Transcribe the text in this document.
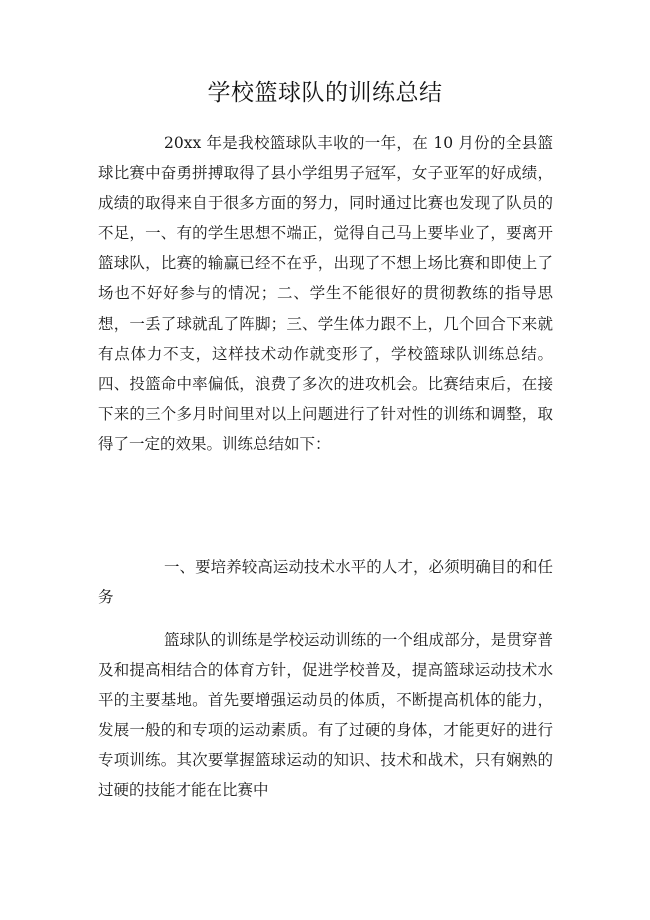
学校篮球队的训练总结
20xx 年是我校篮球队丰收的一年，在 10 月份的全县篮球比赛中奋勇拼搏取得了县小学组男子冠军，女子亚军的好成绩，成绩的取得来自于很多方面的努力，同时通过比赛也发现了队员的不足，一、有的学生思想不端正，觉得自己马上要毕业了，要离开篮球队，比赛的输赢已经不在乎，出现了不想上场比赛和即使上了场也不好好参与的情况；二、学生不能很好的贯彻教练的指导思想，一丢了球就乱了阵脚；三、学生体力跟不上，几个回合下来就有点体力不支，这样技术动作就变形了，学校篮球队训练总结。四、投篮命中率偏低，浪费了多次的进攻机会。比赛结束后，在接下来的三个多月时间里对以上问题进行了针对性的训练和调整，取得了一定的效果。训练总结如下：
一、要培养较高运动技术水平的人才，必须明确目的和任务
篮球队的训练是学校运动训练的一个组成部分，是贯穿普及和提高相结合的体育方针，促进学校普及，提高篮球运动技术水平的主要基地。首先要增强运动员的体质，不断提高机体的能力，发展一般的和专项的运动素质。有了过硬的身体，才能更好的进行专项训练。其次要掌握篮球运动的知识、技术和战术，只有娴熟的过硬的技能才能在比赛中
